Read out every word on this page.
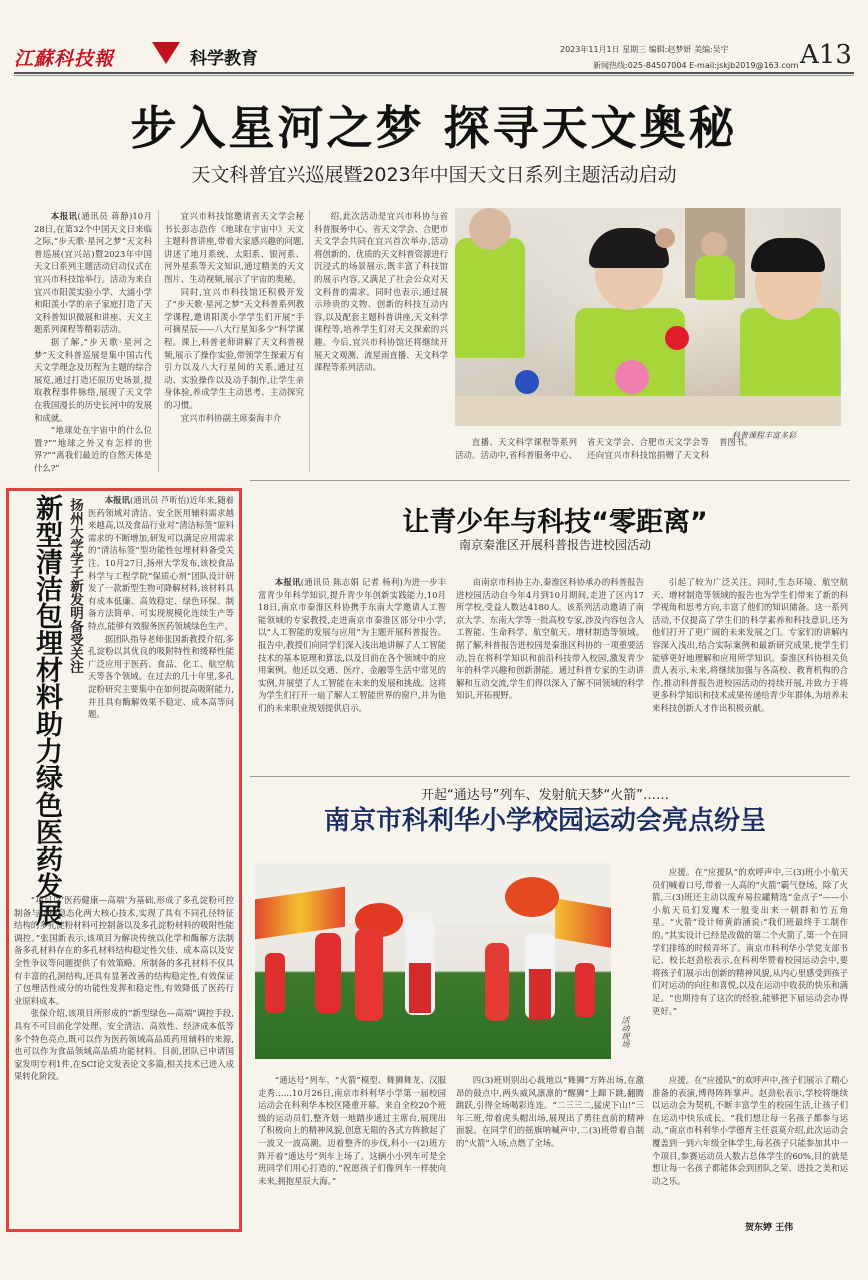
江蘇科技報	科学教育	2023年11月1日 星期三 编辑:赵梦妍 美编:吴宇
新闻热线:025-84507004 E-mail:jskjb2019@163.com A13
步入星河之梦 探寻天文奥秘
天文科普宜兴巡展暨2023年中国天文日系列主题活动启动

本报讯(通讯员 蒋静)10月28日,在第32个中国天文日来临之际,“步天歌·星河之梦”天文科普巡展(宜兴站)暨2023年中国天文日系列主题活动启动仪式在宜兴市科技馆举行。活动为来自宜兴市阳羡实验小学、大浦小学和阳羡小学的亲子家庭打造了天文科普知识微展和讲座、天文主题系列课程等精彩活动。

据了解,“步天歌·星河之梦”天文科普巡展是集中国古代天文学理念及历程为主题的综合展览,通过打造还原历史场景,提取教程事件脉络,展现了天文学在我国漫长的历史长河中的发展和成就。

“地球处在宇宙中的什么位置?”“地球之外又有怎样的世界?”“离我们最近的自然天体是什么?”

宜兴市科技馆邀请省天文学会秘书长彭志浩作《地球在宇宙中》天文主题科普讲座,带着大家感兴趣的问题,讲述了地月系统、太阳系、银河系、河外星系等天文知识,通过精美的天文图片、生动视频,展示了宇宙的奥秘。

同时,宜兴市科技馆还积极开发了“步天歌·星河之梦”天文科普系列教学课程,邀请阳羡小学学生们开展“手可摘星辰——八大行星知多少”科学课程。课上,科普老师讲解了天文科普视频,展示了操作实验,带领学生探索万有引力以及八大行星间的关系,通过互动、实验操作以及动手制作,让学生亲身体验,养成学生主动思考、主动探究的习惯。

宜兴市科协副主席秦海丰介

绍,此次活动是宜兴市科协与省科普服务中心、省天文学会、合肥市天文学会共同在宜兴首次举办,活动将创新的、优质的天文科普资源进行沉浸式的场景展示,既丰富了科技馆的展示内容,又满足了社会公众对天文科普的需求。同时也表示,通过展示珍贵的文物、创新的科技互动内容,以及配套主题科普讲座,天文科学课程等,培养学生们对天文探索的兴趣。今后,宜兴市科协馆还将继续开展天文观测、流星雨直播、天文科学课程等系列活动。

科普课程丰富多彩

直播、天文科学课程等系列活动。活动中,省科普服务中心、省天文学会、合肥市天文学会等还向宜兴市科技馆捐赠了天文科普图书。

新型清洁包埋材料助力绿色医药发展 扬州大学学子新发明备受关注	本报讯(通讯员 芦昕怡)近年来,随着医药领域对清洁、安全医用辅料需求越来越高,以及食品行业对“清洁标签”原料需求的不断增加,研发可以满足应用需求的“清洁标签”型功能性包埋材料备受关注。10月27日,扬州大学发布,该校食品科学与工程学院“保质心剂”团队设计研发了一款新型生物可降解材料,该材料具有成本低廉、高效稳定、绿色环保、制备方法简单、可实现规模化连续生产等特点,能够有效服务医药领域绿色生产。

据团队指导老师张国新教授介绍,多孔淀粉以其优良的吸附特性和缓释性能广泛应用于医药、食品、化工、航空航天等各个领域。在过去的几十年里,多孔淀粉研究主要集中在如何提高吸附能力,并且具有酶解效果不稳定、成本高等问题。

“项目以‘医药健康—高端’为基础,形成了多孔淀粉可控制备与结构稳态化两大核心技术,实现了具有不同孔径特征结构的多孔淀粉材料可控制备以及多孔淀粉材料的吸附性能调控。”张国新表示,该项目为解决传统以化学和酶解方法制备多孔材料存在的多孔材料结构稳定性欠佳、成本高以及安全性争议等问题提供了有效策略。所制备的多孔材料不仅具有丰富的孔洞结构,还具有显著改善的结构稳定性,有效保证了包埋活性成分的功能性发挥和稳定性,有效降低了医药行业原料成本。

张保介绍,该项目所形成的“新型绿色—高端”调控手段,具有不可目前化学处理、安全清洁、高效性、经济成本低等多个特色亮点,既可以作为医药领域高品质药用辅料的来源,也可以作为食品领域高品质功能材料。目前,团队已申请国家发明专利1件,在SCI论文发表论文多篇,相关技术已进入成果转化阶段。

让青少年与科技“零距离”
南京秦淮区开展科普报告进校园活动

本报讯(通讯员 陈志娟 记者 杨利)为进一步丰富青少年科学知识,提升青少年创新实践能力,10月18日,南京市秦淮区科协携手东南大学邀请人工智能领域的专家教授,走进南京市秦淮区部分中小学,以“人工智能的发展与应用”为主题开展科普报告。报告中,教授们向同学们深入浅出地讲解了人工智能技术的基本原理和算法,以及目前在各个领域中的应用案例。他还以交通、医疗、金融等生活中常见的实例,并展望了人工智能在未来的发展和挑战。这将为学生们打开一扇了解人工智能世界的窗户,并为他们的未来职业规划提供启示。

由南京市科协主办,秦淮区科协承办的科普报告进校园活动自今年4月到10月期间,走进了区内17所学校,受益人数达4180人。该系列活动邀请了南京大学、东南大学等一批高校专家,涉及内容包含人工智能、生命科学、航空航天、增材制造等领域。据了解,科普报告进校园是秦淮区科协的一项重要活动,旨在将科学知识和前沿科技带入校园,激发青少年的科学兴趣和创新潜能。通过科普专家的生动讲解和互动交流,学生们得以深入了解不同领域的科学知识,开拓视野。

引起了较为广泛关注。同时,生态环境、航空航天、增材制造等领域的报告也为学生们带来了新的科学视角和思考方向,丰富了他们的知识储备。这一系列活动,不仅提高了学生们的科学素养和科技意识,还为他们打开了更广阔的未来发展之门。专家们的讲解内容深入浅出,结合实际案例和最新研究成果,使学生们能够更好地理解和应用所学知识。秦淮区科协相关负责人表示,未来,将继续加强与各高校、教育机构的合作,推动科普报告进校园活动的持续开展,并致力于将更多科学知识和技术成果传递给青少年群体,为培养未来科技创新人才作出积极贡献。

开起“通达号”列车、发射航天梦“火箭”……
南京市科利华小学校园运动会亮点纷呈
活动现场

应援。在“应援队”的欢呼声中,三(3)班小小航天员们喊着口号,带着一人高的“火箭”霸气登场。除了火箭,三(3)班还主动以废弃易拉罐精选“金点子”——小小航天员们发魔术一般变出来一朝群和竹五角星。“火箭”设计师黄韵涵说:“我们班最终手工制作的。”其实设计已经是改做的第二个火箭了,第一个在同学们排练的时候弄坏了。南京市科利华小学党支部书记、校长赵劲松表示,在科利华赞着校园运动会中,要将孩子们展示出创新的精神风貌,从内心里感受到孩子们对运动的向往和喜悦,以及在运动中收获的快乐和满足。“也期待有了这次的经验,能够把下届运动会办得更好。”

“通达号”列车、“火箭”模型、舞狮舞龙、汉服走秀……10月26日,南京市科利华小学第一届校园运动会在科利华本校区隆重开幕。来自全校20个班级的运动员们,整齐划一地踏步通过主席台,展现出了积极向上的精神风貌,创意无限的各式方阵掀起了一波又一波高潮。迈着整齐的步伐,科小一(2)班方阵开着“通达号”列车上场了。这辆小小列车可是全班同学们用心打造的,“祝愿孩子们像列车一样驶向未来,拥抱星辰大海。”

四(3)班则别出心裁地以“舞狮”方阵出场,在激昂的鼓点中,两头威风凛凛的“醒狮”上蹿下跳,翻腾跳跃,引得全场喝彩连连。“二三三二,猛虎下山!”三年三班,带着虎头帽出场,展现出了勇往直前的精神面貌。在同学们的摇旗呐喊声中,二(3)班带着自制的“火箭”入场,点燃了全场。

应援。在“应援队”的欢呼声中,孩子们展示了精心准备的表演,博得阵阵掌声。赵劲松表示,学校将继续以运动会为契机,不断丰富学生的校园生活,让孩子们在运动中快乐成长。“我们想让每一名孩子都参与运动。”南京市科利华小学德育主任袁莫介绍,此次运动会覆盖到一到六年级全体学生,每名孩子只能参加其中一个项目,参赛运动员人数占总体学生的60%,目的就是想让每一名孩子都能体会到团队之荣、进技之美和运动之乐。

贺东婷 王伟
